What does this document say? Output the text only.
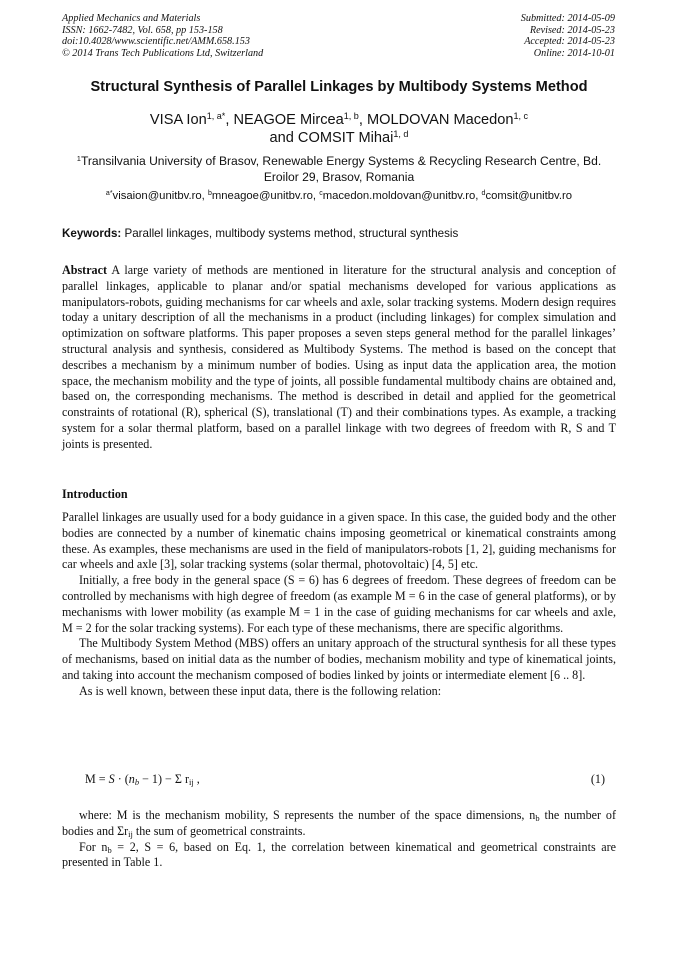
Applied Mechanics and Materials
ISSN: 1662-7482, Vol. 658, pp 153-158
doi:10.4028/www.scientific.net/AMM.658.153
© 2014 Trans Tech Publications Ltd, Switzerland
Submitted: 2014-05-09
Revised: 2014-05-23
Accepted: 2014-05-23
Online: 2014-10-01
Structural Synthesis of Parallel Linkages by Multibody Systems Method
VISA Ion$^{1, a*}$, NEAGOE Mircea$^{1, b}$, MOLDOVAN Macedon$^{1, c}$
and COMSIT Mihai$^{1, d}$
$^1$Transilvania University of Brasov, Renewable Energy Systems & Recycling Research Centre, Bd.
Eroilor 29, Brasov, Romania
$^{a*}$visaion@unitbv.ro, $^b$mneagoe@unitbv.ro, $^c$macedon.moldovan@unitbv.ro, $^d$comsit@unitbv.ro
Keywords: Parallel linkages, multibody systems method, structural synthesis
Abstract A large variety of methods are mentioned in literature for the structural analysis and conception of parallel linkages, applicable to planar and/or spatial mechanisms developed for various applications as manipulators-robots, guiding mechanisms for car wheels and axle, solar tracking systems. Modern design requires today a unitary description of all the mechanisms in a product (including linkages) for complex simulation and optimization on software platforms. This paper proposes a seven steps general method for the parallel linkages’ structural analysis and synthesis, considered as Multibody Systems. The method is based on the concept that describes a mechanism by a minimum number of bodies. Using as input data the application area, the motion space, the mechanism mobility and the type of joints, all possible fundamental multibody chains are obtained and, based on, the corresponding mechanisms. The method is described in detail and applied for the geometrical constraints of rotational (R), spherical (S), translational (T) and their combinations types. As example, a tracking system for a solar thermal platform, based on a parallel linkage with two degrees of freedom with R, S and T joints is presented.
Introduction

Parallel linkages are usually used for a body guidance in a given space. In this case, the guided body and the other bodies are connected by a number of kinematic chains imposing geometrical or kinematical constraints among these. As examples, these mechanisms are used in the field of manipulators-robots [1, 2], guiding mechanisms for car wheels and axle [3], solar tracking systems (solar thermal, photovoltaic) [4, 5] etc.

Initially, a free body in the general space (S = 6) has 6 degrees of freedom. These degrees of freedom can be controlled by mechanisms with high degree of freedom (as example M = 6 in the case of general platforms), or by mechanisms with lower mobility (as example M = 1 in the case of guiding mechanisms for car wheels and axle, M = 2 for the solar tracking systems). For each type of these mechanisms, there are specific algorithms.

The Multibody System Method (MBS) offers an unitary approach of the structural synthesis for all these types of mechanisms, based on initial data as the number of bodies, mechanism mobility and type of kinematical joints, and taking into account the mechanism composed of bodies linked by joints or intermediate element [6 .. 8].

As is well known, between these input data, there is the following relation:

$M = S \cdot (n_b - 1) - \Sigma$ $r_{ij}$ ,	(1)
where: M is the mechanism mobility, S represents the number of the space dimensions, $n_b$ the number of bodies and $\Sigma r_{ij}$ the sum of geometrical constraints.
For $n_b = 2$, S = 6, based on Eq. 1, the correlation between kinematical and geometrical constraints are presented in Table 1.
